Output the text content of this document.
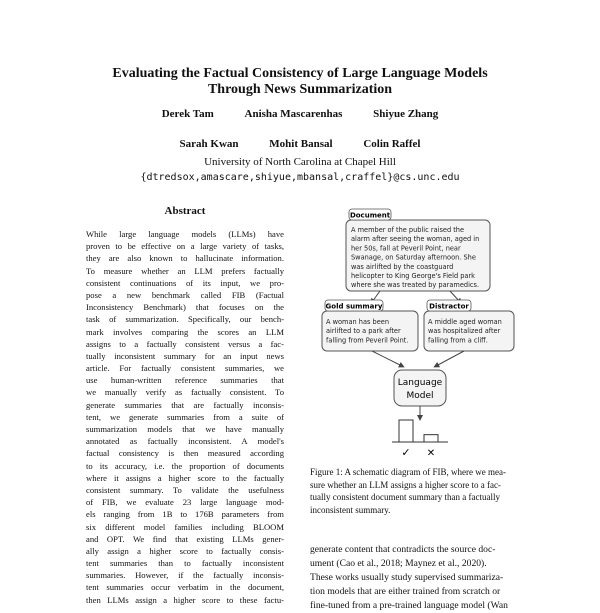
Evaluating the Factual Consistency of Large Language Models
Through News Summarization
Derek Tam	Anisha Mascarenhas	Shiyue Zhang
Sarah Kwan	Mohit Bansal	Colin Raffel
University of North Carolina at Chapel Hill
{dtredsox,amascare,shiyue,mbansal,craffel}@cs.unc.edu
Abstract
While large language models (LLMs) have
proven to be effective on a large variety of tasks,
they are also known to hallucinate information.
To measure whether an LLM prefers factually
consistent continuations of its input, we pro-
pose a new benchmark called FIB (Factual
Inconsistency Benchmark) that focuses on the
task of summarization. Specifically, our bench-
mark involves comparing the scores an LLM
assigns to a factually consistent versus a fac-
tually inconsistent summary for an input news
article. For factually consistent summaries, we
use human-written reference summaries that
we manually verify as factually consistent. To
generate summaries that are factually inconsis-
tent, we generate summaries from a suite of
summarization models that we have manually
annotated as factually inconsistent. A model's
factual consistency is then measured according
to its accuracy, i.e. the proportion of documents
where it assigns a higher score to the factually
consistent summary. To validate the usefulness
of FIB, we evaluate 23 large language mod-
els ranging from 1B to 176B parameters from
six different model families including BLOOM
and OPT. We find that existing LLMs gener-
ally assign a higher score to factually consis-
tent summaries than to factually inconsistent
summaries. However, if the factually inconsis-
tent summaries occur verbatim in the document,
then LLMs assign a higher score to these factu-
Document
A member of the public raised the
alarm after seeing the woman, aged in
her 50s, fall at Peveril Point, near
Swanage, on Saturday afternoon. She
was airlifted by the coastguard
helicopter to King George's Field park
where she was treated by paramedics.
Gold summary
A woman has been
airlifted to a park after
falling from Peveril Point.
Distractor
A middle aged woman
was hospitalized after
falling from a cliff.
Language
Model
✓ ✕
Figure 1: A schematic diagram of FIB, where we mea-
sure whether an LLM assigns a higher score to a fac-
tually consistent document summary than a factually
inconsistent summary.
generate content that contradicts the source doc-
ument (Cao et al., 2018; Maynez et al., 2020).
These works usually study supervised summariza-
tion models that are either trained from scratch or
fine-tuned from a pre-trained language model (Wan
